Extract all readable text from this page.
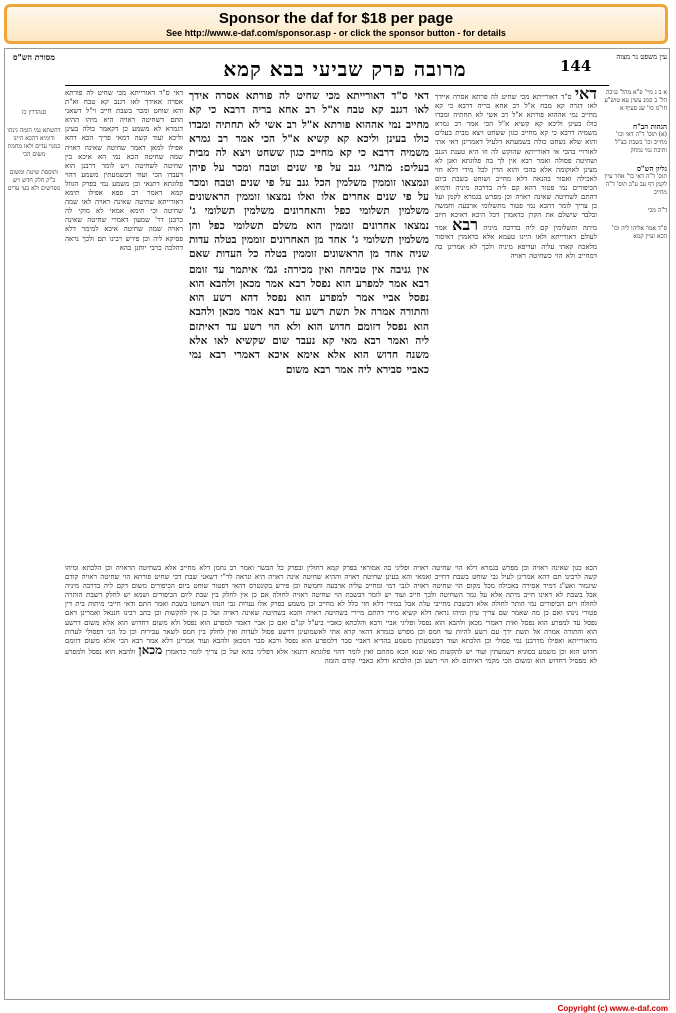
Sponsor the daf for $18 per page
See http://www.e-daf.com/sponsor.asp - or click the sponsor button - for details
מסורת הש"ס	מרובה פרק שביעי בבא קמא	144	עין משפט נר מצוה
דאי ס"ד דאורייתא מכי שחיט לה פרתא אסרה איידך לאו דגרה קא מבח א"ל רב אחא בריה דרבא כי קא מחייב נמי אההוא פורתא א"ל רב אשי לא תחתיה ומבדו כולו בעינן וליכא קא קשיא א"ל הכי אמר רב גמרא משמיה דרבא כי קא מחייב כגון ששחט ויצא מבית בעלים והוא שלא נשחט כולה בשמעתא דלעיל דאמרינן דאי אתי לאורויי בהכי אי דאורייתא שהוקש לה וזו היא טענת הגנב ושחיטה פסולה ואמר רבא אין לך בה פלוגתא ואנן לא מצינן לאוקומה אלא בהכי והוא הדין לכל מידי דלא חזי לאכילה ואסור בהנאה דלא מחייב ושוחט בשבת ביום הכיפורים נמי פטור דהא קם ליה בדרבה מיניה ודמיא דהתם לשחיטה שאינה ראויה וכן מפרש בגמרא לקמן ועל כן צריך לומר דהכא נמי פטור מתשלומי ארבעה וחמשה ובלבד שישלם את הקרן כדאמרן דכל היכא דאיכא חיוב מיתה ותשלומין קם ליה בדרבה מיניה רבא אמר לעולם דאורייתא ולאו היינו טעמא אלא כדאמרן דאיסור מלאכה קאתי עליה ועדיפא מיניה ולכך לא אמרינן בה דמחייב ולא הוי כשחיטה ראויה
דאי ס"ד דאורייתא מכי שחיט לה פורתא אסרה אידך לאו דגנב קא טבח א"ל רב אחא בריה דרבא כי קא מחייב נמי אההוא פורתא א"ל רב אשי לא תחתיה ומבדו כולו בעינן וליכא קא קשיא א"ל הכי אמר רב גמרא משמיה דרבא כי קא מחייב כגון ששחט ויצא לה מבית בעלים: מתני׳ גנב על פי שנים וטבח ומכר על פיהן ונמצאו זוממין משלמין הכל גנב על פי שנים וטבח ומכר על פי שנים אחרים אלו ואלו נמצאו זוממין הראשונים משלמין תשלומי כפל והאחרונים משלמין תשלומי ג' נמצאו אחרונים זוממין הוא משלם תשלומי כפל והן משלמין תשלומי ג' אחד מן האחרונים זוממין בטלה עדות שניה אחד מן הראשונים זוממין בטלה כל העדות שאם אין גניבה אין טביחה ואין מכירה: גמ׳ איתמר עד זומם רבא אמר למפרע הוא נפסל רבא אמר מכאן ולהבא הוא נפסל אביי אמר למפרע הוא נפסל דהא רשע הוא והתורה אמרה אל תשת רשע עד רבא אמר מכאן ולהבא הוא נפסל דזומם חדוש הוא ולא הוי רשע עד דאיתזם ליה ואמר רבא מאי קא נעבד שום שקשיא לאו אלא משנה חדוש הוא אלא אימא איכא דאמרי רבא נמי כאביי סבירא ליה אמר רבא משום
דאי ס"ד דאורייתא מכי שחיט לה פורתא אסרה אאידך לאו דגנב קא טבח וא"ת והא שוחט ומכר בשבת חייב וי"ל דשאני התם דשחיטה ראויה היא מיהו ההיא דגמרא לא משמע כן דקאמר כולה בעינן וליכא ועוד קשה דמאי פריך הכא דהא אפילו למאן דאמר שחיטה שאינה ראויה שמה שחיטה הכא נמי הא איכא בין שחיטה לשחיטה ויש לומר דרבנן הוא דעבדו הכי ועוד דבשמעתין משמע דהוי פלוגתא דתנאי וכן משמע נמי בפרק הגוזל קמא דאמר רב פפא אפילו תימא דאורייתא שחיטה שאינה ראויה לאו שמה שחיטה וכי תימא אמאי לא מוקי לה כרבנן דר' שמעון דאמרי שחיטה שאינה ראויה שמה שחיטה איכא למימר דלא פסיקא ליה וכן פירש רבינו תם ולכך נראה דהלכה כרבי יוחנן בהא
הכא כגון שאינה ראויה וכן מפרש בגמרא דלא הוי שחיטה ראויה ופליגי בה אמוראי בפרק קמא דחולין ובפרק כל הבשר ואמר רב נחמן דלא מחייב אלא בשחיטה הראויה וכן הלכתא ומיהו קשה לרבינו תם דהא אמרינן לעיל גבי שוחט בשבת דחייב ואמאי והא בעינן שחיטה ראויה וההיא שחיטה אינה ראויה היא ונראה לר"י דשאני שבת דכי שחיט פורתא הוי שחיטה ראויה קודם שיגמור ואע"ג דמיד אסירה באכילה מכל מקום הוי שחיטה ראויה לגבי דמי ומחייב עליה ארבעה וחמשה וכן פירש בקונטרס דהאי דפטור שוחט ביום הכיפורים משום דקם ליה בדרבה מיניה אבל בשבת לא דאינו חייב מיתה אלא על גמר השחיטה ולכך חייב ועוד יש לומר דבשבת הוי שחיטה ראויה לחולה אם כן אין לחלק בין שבת ליום הכיפורים ושמא יש לחלק דשבת הותרה לחולה ויום הכיפורים נמי הותר לחולה אלא דבשבת מחייבי עלה אבל במידי דלא חזי כלל לא מחייב וכן משמע בפרק אלו נערות גבי הנהו דשחטו בשבת ואמר התם ודאי חייבי מיתות בית דין פטורי נינהו ואם כן מה שאמר שם צריך עיון ומיהו נראה דלא קשיא מידי דהתם מיירי בשחיטה ראויה והכא בשחיטה שאינה ראויה ועל כן אין להקשות וכן כתב רבינו חננאל ואמרינן דאם נפסל עד למפרע הוא נפסל ואית דאמרי מכאן ולהבא הוא נפסל ופליגי אביי ורבא והלכתא כאביי ביע"ל קג"ם ואם כן אביי דאמר למפרע הוא נפסל ולא משום דחדוש הוא אלא משום דרשע הוא והתורה אמרה אל תשת ידך עם רשע להיות עד חמס וכן מפרש בגמרא דהאי קרא אתי לאשמועינן דרשע פסול לעדות ואין לחלק בין חמס לשאר עבירות וכן כל הני דפסולי לעדות מדאורייתא ואפילו מדרבנן נמי פסולי וכן הלכתא ועוד דבשמעתין משמע בהדיא דאביי סבר דלמפרע הוא נפסל ורבא סבר דמכאן ולהבא ועוד אמרינן דלא אמר רבא הכי אלא משום דזומם חדוש הוא וכן משמע בסוגיא דשמעתין ועוד יש להקשות מאי שנא הכא מהתם ואין לומר דהוי פלוגתא דתנאי אלא דפליגי בהא ועל כן צריך לומר כדאמרן מכאן ולהבא הוא נפסל ולמפרע לא מפסיל דחדוש הוא ומשום הכי מקמי דאיתזם לא הוי רשע וכן הלכתא ודלא כאביי קודם הזמה
סנהדרין כז
דהשתא נמי הזמה נינהו ודומיא דהכא היינו כמנוי עדים ולאו מחמת משום הכי
ותוספת שיטת ומשום ב"ק חלק חדש ויש מפרשים ולא בעי עדים
א ב ג מיי' פ"א מהל' גניבה הל' ב סמג עשין עא טוש"ע חו"מ סי' שנ סעיף א
הגהות הב"ח
(א) תוס' ד"ה דאי וכו' מחייב וכו' בשבת כצ"ל ותיבת נמי נמחק
גליון הש"ס
תוס' ד"ה דאי בר' אחר עיין לקמן דף עב ע"ב תוס' ד"ה מחייב
ד"ה מכי
ס"ד אמר אליהו ליה וכו' הכא ועיין קמא
Copyright (c) www.e-daf.com
